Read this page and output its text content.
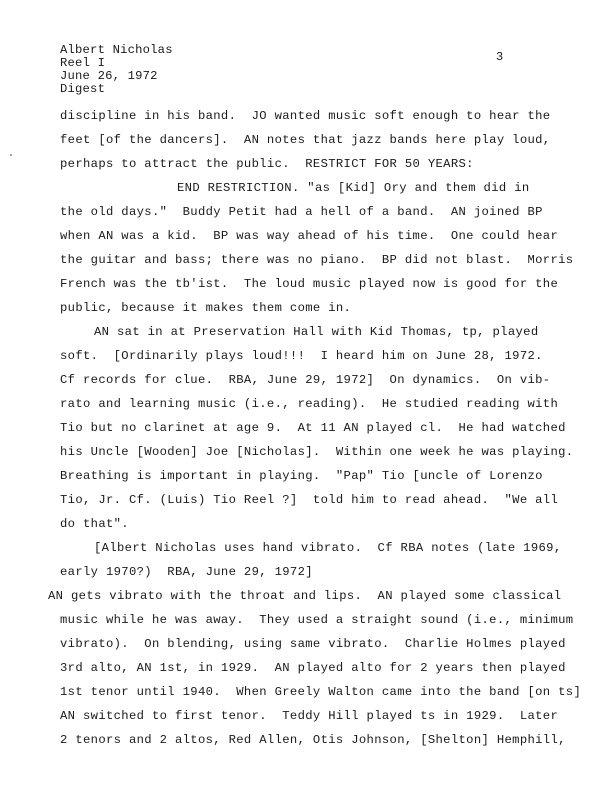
Albert Nicholas
Reel I
June 26, 1972
Digest
3
discipline in his band.  JO wanted music soft enough to hear the
feet [of the dancers].  AN notes that jazz bands here play loud,
perhaps to attract the public.  RESTRICT FOR 50 YEARS:
END RESTRICTION. "as [Kid] Ory and them did in
the old days."  Buddy Petit had a hell of a band.  AN joined BP
when AN was a kid.  BP was way ahead of his time.  One could hear
the guitar and bass; there was no piano.  BP did not blast.  Morris
French was the tb'ist.  The loud music played now is good for the
public, because it makes them come in.
AN sat in at Preservation Hall with Kid Thomas, tp, played
soft.  [Ordinarily plays loud!!!  I heard him on June 28, 1972.
Cf records for clue.  RBA, June 29, 1972]  On dynamics.  On vib-
rato and learning music (i.e., reading).  He studied reading with
Tio but no clarinet at age 9.  At 11 AN played cl.  He had watched
his Uncle [Wooden] Joe [Nicholas].  Within one week he was playing.
Breathing is important in playing.  "Pap" Tio [uncle of Lorenzo
Tio, Jr. Cf. (Luis) Tio Reel ?]  told him to read ahead.  "We all
do that".
[Albert Nicholas uses hand vibrato.  Cf RBA notes (late 1969,
early 1970?)  RBA, June 29, 1972]
AN gets vibrato with the throat and lips.  AN played some classical
music while he was away.  They used a straight sound (i.e., minimum
vibrato).  On blending, using same vibrato.  Charlie Holmes played
3rd alto, AN 1st, in 1929.  AN played alto for 2 years then played
1st tenor until 1940.  When Greely Walton came into the band [on ts]
AN switched to first tenor.  Teddy Hill played ts in 1929.  Later
2 tenors and 2 altos, Red Allen, Otis Johnson, [Shelton] Hemphill,
